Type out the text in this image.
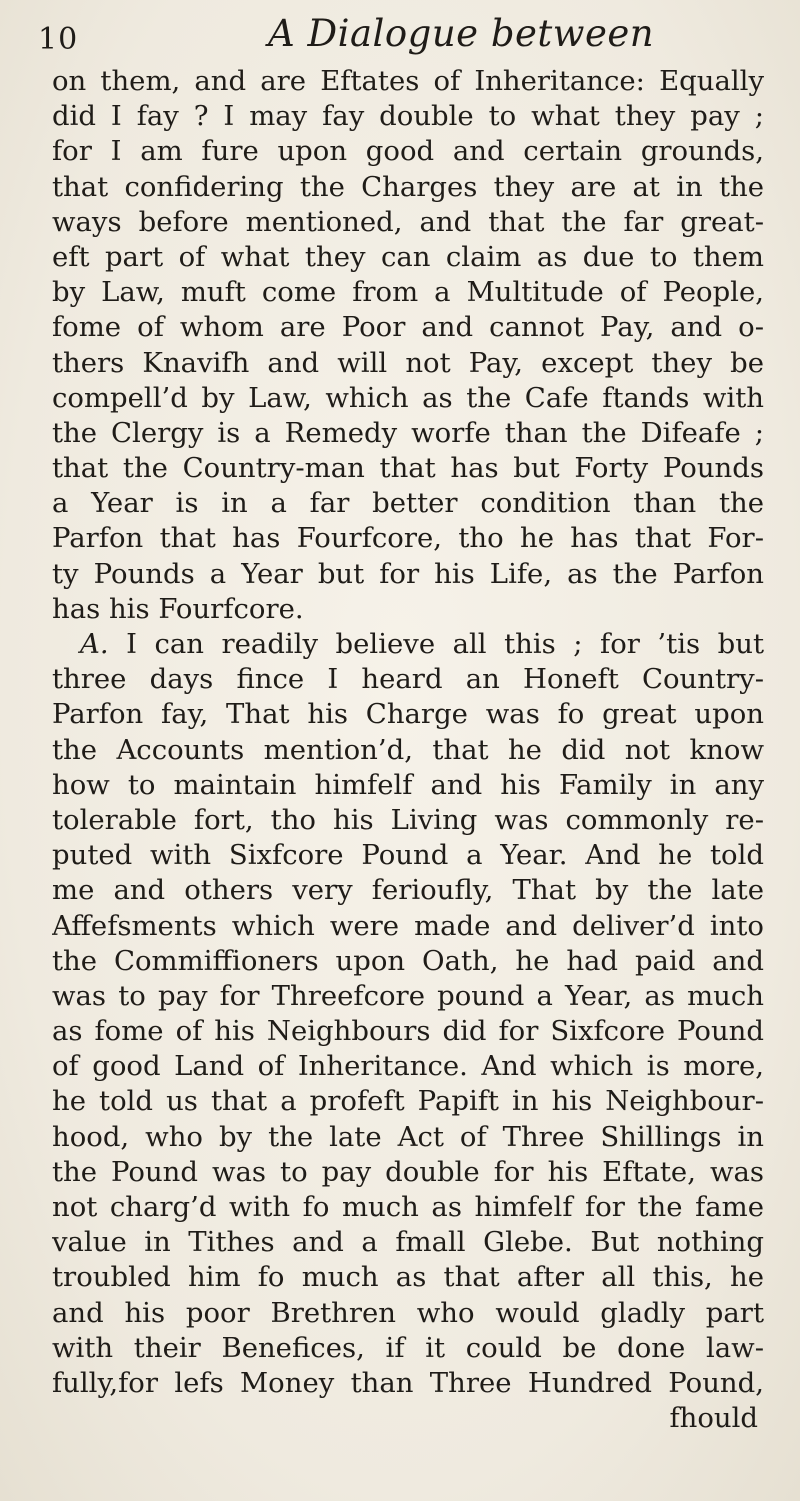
10	A Dialogue between
on them, and are Eftates of Inheritance: Equally
did I fay ? I may fay double to what they pay ;
for I am fure upon good and certain grounds,
that confidering the Charges they are at in the
ways before mentioned, and that the far great-
eft part of what they can claim as due to them
by Law, muft come from a Multitude of People,
fome of whom are Poor and cannot Pay, and o-
thers Knavifh and will not Pay, except they be
compell’d by Law, which as the Cafe ftands with
the Clergy is a Remedy worfe than the Difeafe ;
that the Country-man that has but Forty Pounds
a Year is in a far better condition than the
Parfon that has Fourfcore, tho he has that For-
ty Pounds a Year but for his Life, as the Parfon
has his Fourfcore.
A. I can readily believe all this ; for ’tis but
three days fince I heard an Honeft Country-
Parfon fay, That his Charge was fo great upon
the Accounts mention’d, that he did not know
how to maintain himfelf and his Family in any
tolerable fort, tho his Living was commonly re-
puted with Sixfcore Pound a Year. And he told
me and others very ferioufly, That by the late
Affefsments which were made and deliver’d into
the Commiffioners upon Oath, he had paid and
was to pay for Threefcore pound a Year, as much
as fome of his Neighbours did for Sixfcore Pound
of good Land of Inheritance. And which is more,
he told us that a profeft Papift in his Neighbour-
hood, who by the late Act of Three Shillings in
the Pound was to pay double for his Eftate, was
not charg’d with fo much as himfelf for the fame
value in Tithes and a fmall Glebe. But nothing
troubled him fo much as that after all this, he
and his poor Brethren who would gladly part
with their Benefices, if it could be done law-
fully,for lefs Money than Three Hundred Pound,
fhould
